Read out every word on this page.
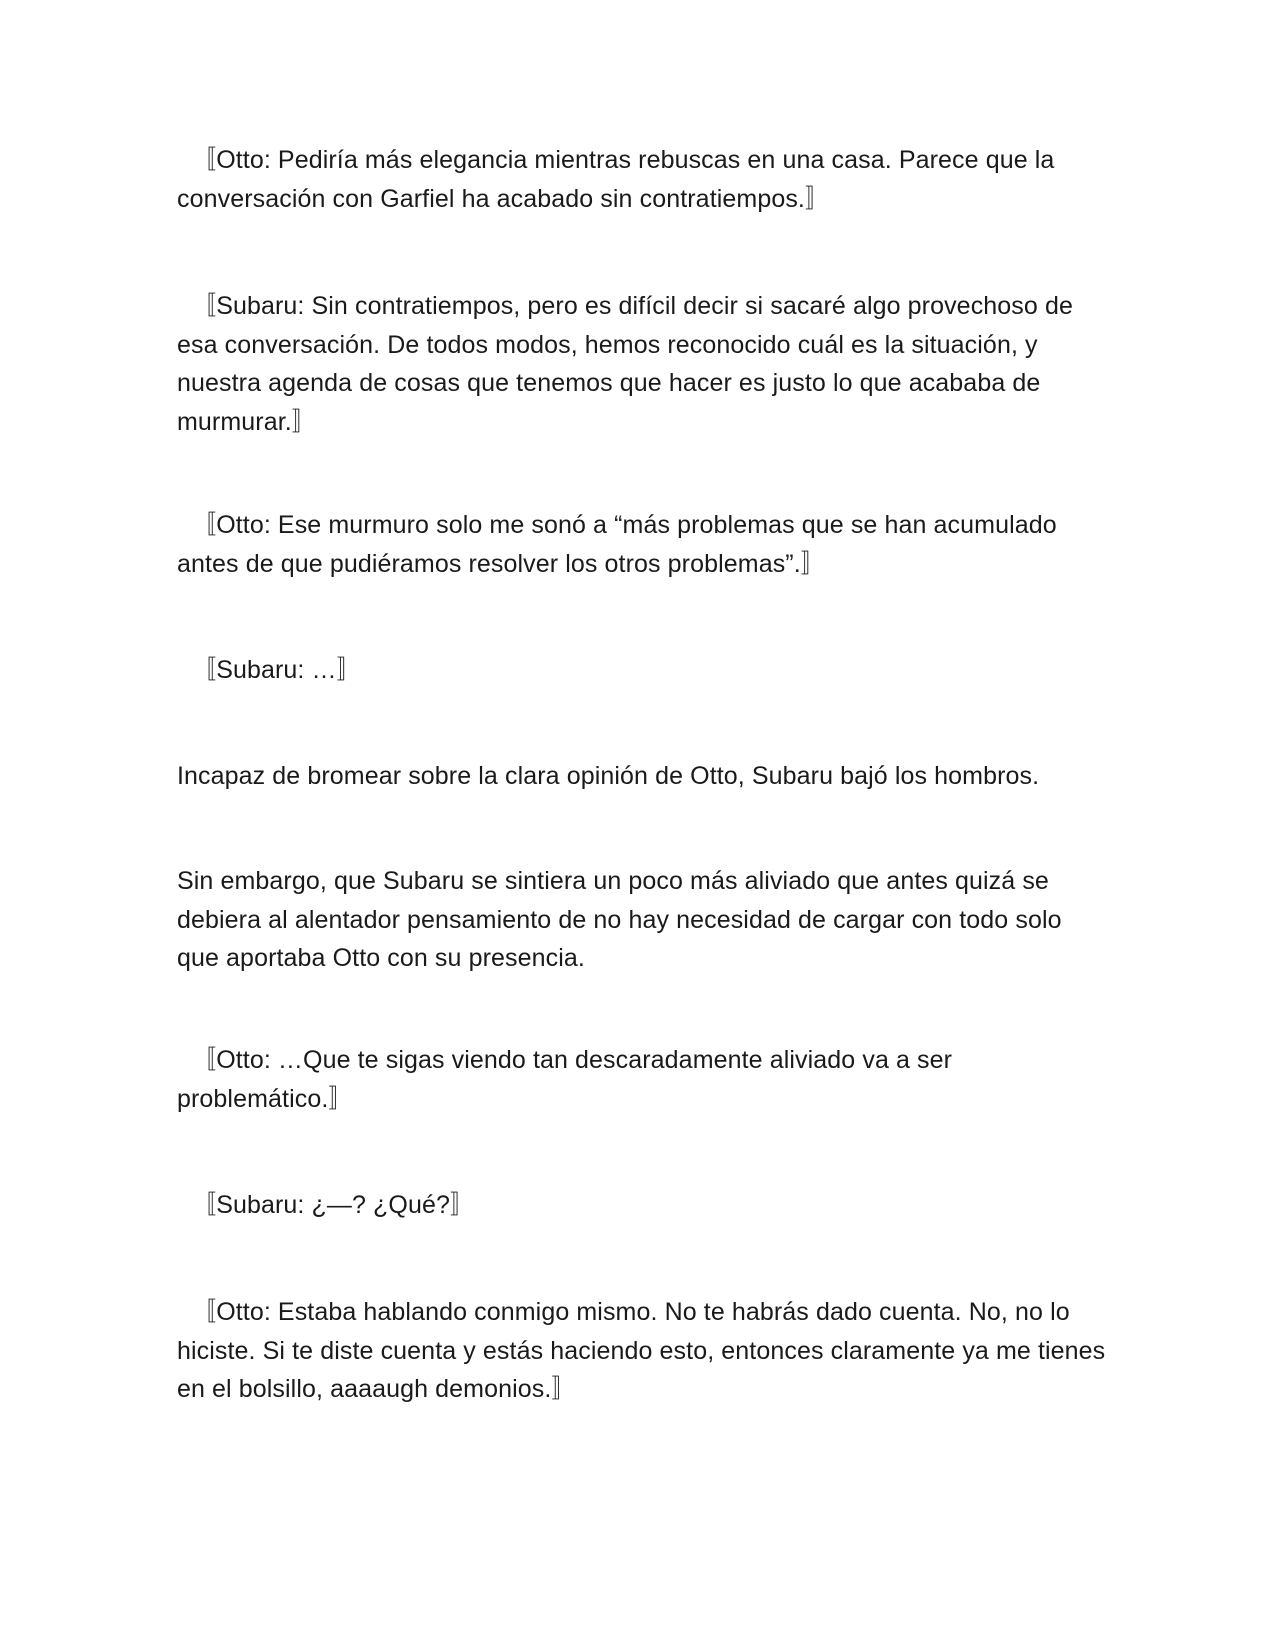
〚Otto: Pediría más elegancia mientras rebuscas en una casa. Parece que la conversación con Garfiel ha acabado sin contratiempos.〛

〚Subaru: Sin contratiempos, pero es difícil decir si sacaré algo provechoso de esa conversación. De todos modos, hemos reconocido cuál es la situación, y nuestra agenda de cosas que tenemos que hacer es justo lo que acababa de murmurar.〛

〚Otto: Ese murmuro solo me sonó a “más problemas que se han acumulado antes de que pudiéramos resolver los otros problemas”.〛

〚Subaru: …〛

Incapaz de bromear sobre la clara opinión de Otto, Subaru bajó los hombros.

Sin embargo, que Subaru se sintiera un poco más aliviado que antes quizá se debiera al alentador pensamiento de no hay necesidad de cargar con todo solo que aportaba Otto con su presencia.

〚Otto: …Que te sigas viendo tan descaradamente aliviado va a ser problemático.〛

〚Subaru: ¿—? ¿Qué?〛

〚Otto: Estaba hablando conmigo mismo. No te habrás dado cuenta. No, no lo hiciste. Si te diste cuenta y estás haciendo esto, entonces claramente ya me tienes en el bolsillo, aaaaugh demonios.〛
